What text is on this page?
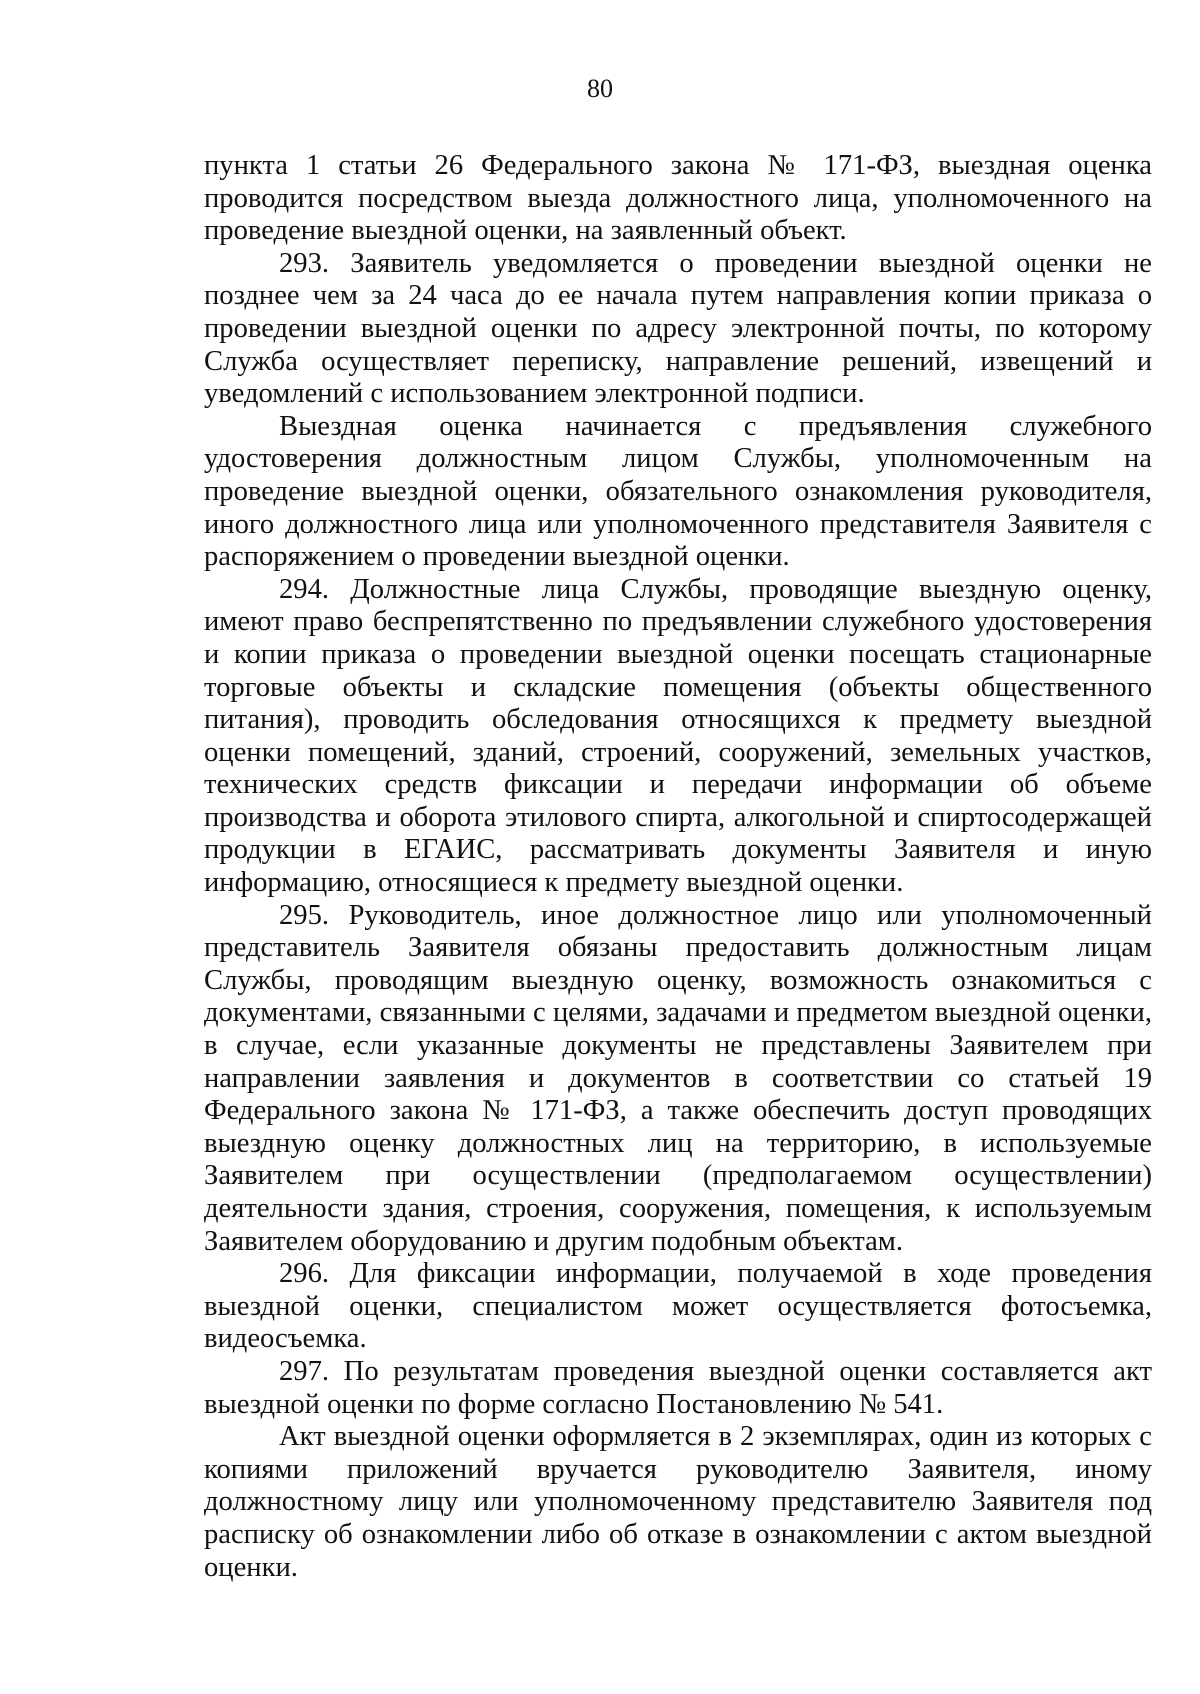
80

пункта 1 статьи 26 Федерального закона № 171-ФЗ, выездная оценка проводится посредством выезда должностного лица, уполномоченного на проведение выездной оценки, на заявленный объект.

293. Заявитель уведомляется о проведении выездной оценки не позднее чем за 24 часа до ее начала путем направления копии приказа о проведении выездной оценки по адресу электронной почты, по которому Служба осуществляет переписку, направление решений, извещений и уведомлений с использованием электронной подписи.

Выездная оценка начинается с предъявления служебного удостоверения должностным лицом Службы, уполномоченным на проведение выездной оценки, обязательного ознакомления руководителя, иного должностного лица или уполномоченного представителя Заявителя с распоряжением о проведении выездной оценки.

294. Должностные лица Службы, проводящие выездную оценку, имеют право беспрепятственно по предъявлении служебного удостоверения и копии приказа о проведении выездной оценки посещать стационарные торговые объекты и складские помещения (объекты общественного питания), проводить обследования относящихся к предмету выездной оценки помещений, зданий, строений, сооружений, земельных участков, технических средств фиксации и передачи информации об объеме производства и оборота этилового спирта, алкогольной и спиртосодержащей продукции в ЕГАИС, рассматривать документы Заявителя и иную информацию, относящиеся к предмету выездной оценки.

295. Руководитель, иное должностное лицо или уполномоченный представитель Заявителя обязаны предоставить должностным лицам Службы, проводящим выездную оценку, возможность ознакомиться с документами, связанными с целями, задачами и предметом выездной оценки, в случае, если указанные документы не представлены Заявителем при направлении заявления и документов в соответствии со статьей 19 Федерального закона № 171-ФЗ, а также обеспечить доступ проводящих выездную оценку должностных лиц на территорию, в используемые Заявителем при осуществлении (предполагаемом осуществлении) деятельности здания, строения, сооружения, помещения, к используемым Заявителем оборудованию и другим подобным объектам.

296. Для фиксации информации, получаемой в ходе проведения выездной оценки, специалистом может осуществляется фотосъемка, видеосъемка.

297. По результатам проведения выездной оценки составляется акт выездной оценки по форме согласно Постановлению № 541.

Акт выездной оценки оформляется в 2 экземплярах, один из которых с копиями приложений вручается руководителю Заявителя, иному должностному лицу или уполномоченному представителю Заявителя под расписку об ознакомлении либо об отказе в ознакомлении с актом выездной оценки.
